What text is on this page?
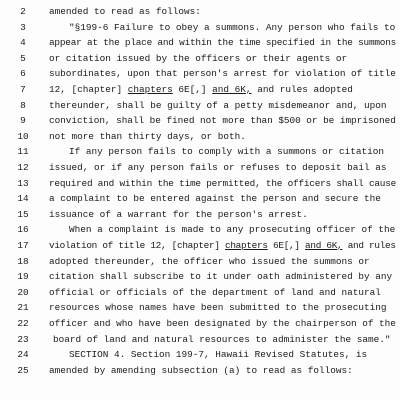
2	amended to read as follows:
3	"§199-6 Failure to obey a summons. Any person who fails to
4	appear at the place and within the time specified in the summons
5	or citation issued by the officers or their agents or
6	subordinates, upon that person's arrest for violation of title
7	12, [chapter] chapters 6E[,] and 6K, and rules adopted
8	thereunder, shall be guilty of a petty misdemeanor and, upon
9	conviction, shall be fined not more than $500 or be imprisoned
10	not more than thirty days, or both.
11	If any person fails to comply with a summons or citation
12	issued, or if any person fails or refuses to deposit bail as
13	required and within the time permitted, the officers shall cause
14	a complaint to be entered against the person and secure the
15	issuance of a warrant for the person's arrest.
16	When a complaint is made to any prosecuting officer of the
17	violation of title 12, [chapter] chapters 6E[,] and 6K, and rules
18	adopted thereunder, the officer who issued the summons or
19	citation shall subscribe to it under oath administered by any
20	official or officials of the department of land and natural
21	resources whose names have been submitted to the prosecuting
22	officer and who have been designated by the chairperson of the
23	board of land and natural resources to administer the same."
24	SECTION 4. Section 199-7, Hawaii Revised Statutes, is
25	amended by amending subsection (a) to read as follows:
